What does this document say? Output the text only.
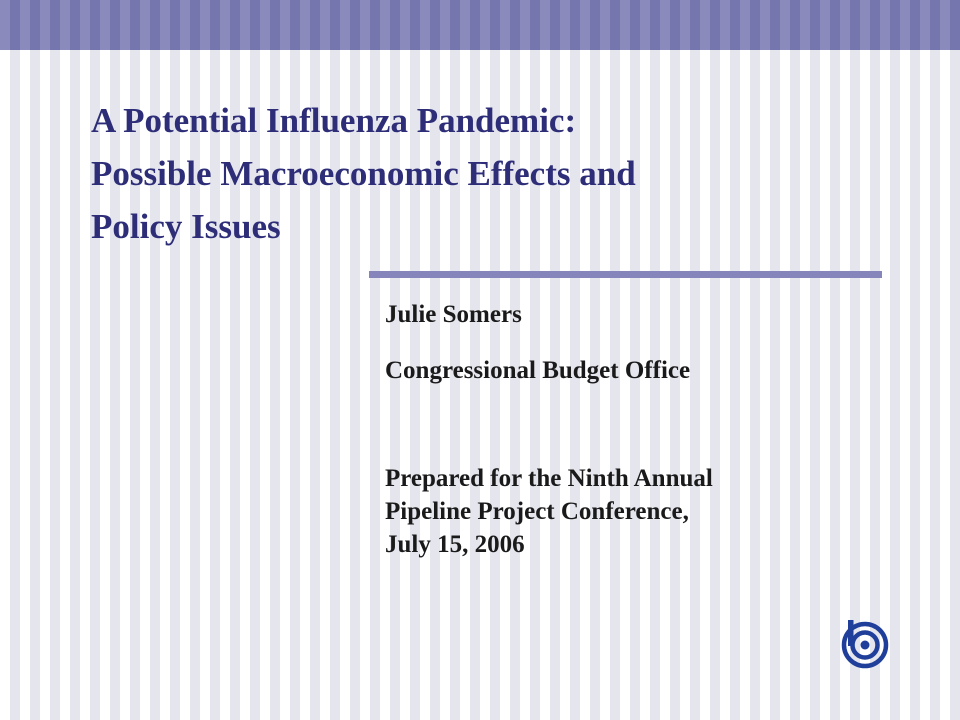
A Potential Influenza Pandemic:
Possible Macroeconomic Effects and
Policy Issues
Julie Somers
Congressional Budget Office
Prepared for the Ninth Annual
Pipeline Project Conference,
July 15, 2006
